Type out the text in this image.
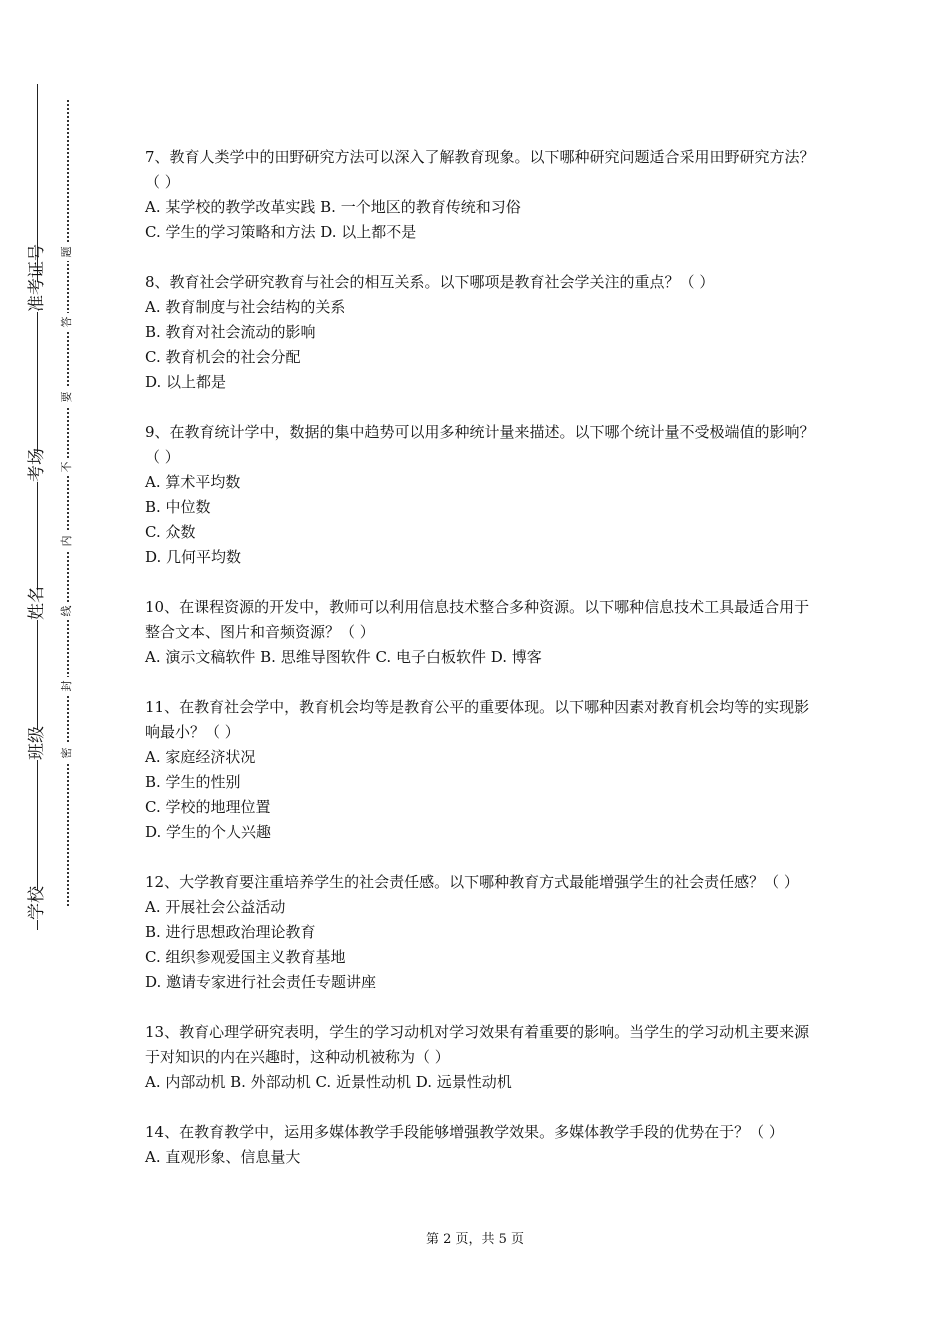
准考证号
考场
姓名
班级
学校
题
答
要
不
内
线
封
密

7、教育人类学中的田野研究方法可以深入了解教育现象。以下哪种研究问题适合采用田野研究方法？（ ）

A. 某学校的教学改革实践 B. 一个地区的教育传统和习俗

C. 学生的学习策略和方法 D. 以上都不是

8、教育社会学研究教育与社会的相互关系。以下哪项是教育社会学关注的重点？（ ）

A. 教育制度与社会结构的关系

B. 教育对社会流动的影响

C. 教育机会的社会分配

D. 以上都是

9、在教育统计学中，数据的集中趋势可以用多种统计量来描述。以下哪个统计量不受极端值的影响？（ ）

A. 算术平均数

B. 中位数

C. 众数

D. 几何平均数

10、在课程资源的开发中，教师可以利用信息技术整合多种资源。以下哪种信息技术工具最适合用于整合文本、图片和音频资源？（ ）

A. 演示文稿软件 B. 思维导图软件 C. 电子白板软件 D. 博客

11、在教育社会学中，教育机会均等是教育公平的重要体现。以下哪种因素对教育机会均等的实现影响最小？（ ）

A. 家庭经济状况

B. 学生的性别

C. 学校的地理位置

D. 学生的个人兴趣

12、大学教育要注重培养学生的社会责任感。以下哪种教育方式最能增强学生的社会责任感？（ ）

A. 开展社会公益活动

B. 进行思想政治理论教育

C. 组织参观爱国主义教育基地

D. 邀请专家进行社会责任专题讲座

13、教育心理学研究表明，学生的学习动机对学习效果有着重要的影响。当学生的学习动机主要来源于对知识的内在兴趣时，这种动机被称为（ ）

A. 内部动机 B. 外部动机 C. 近景性动机 D. 远景性动机

14、在教育教学中，运用多媒体教学手段能够增强教学效果。多媒体教学手段的优势在于？（ ）

A. 直观形象、信息量大

第 2 页，共 5 页
